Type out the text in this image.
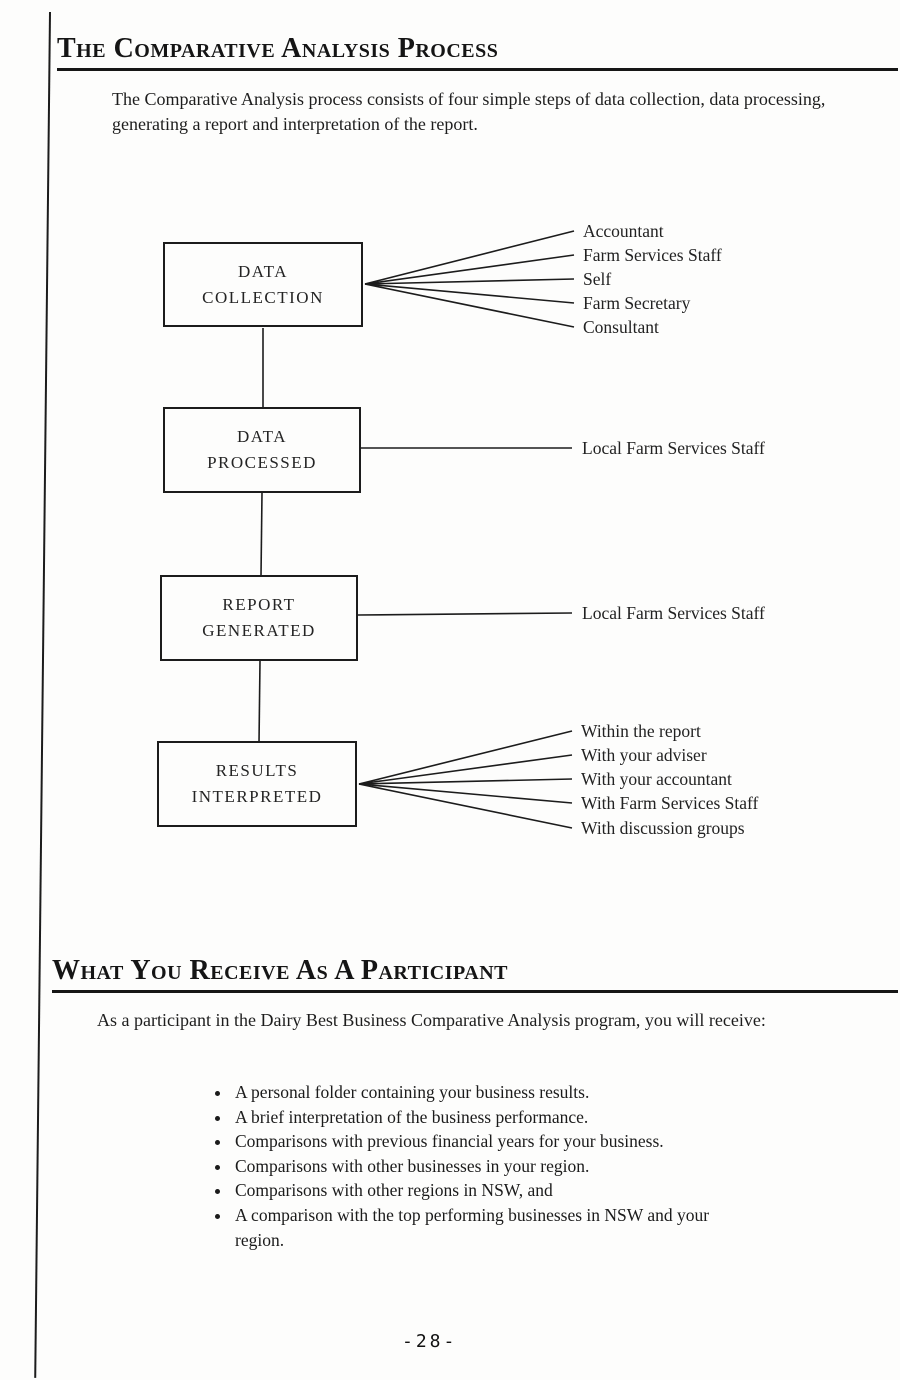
The Comparative Analysis Process
The Comparative Analysis process consists of four simple steps of data collection, data processing, generating a report and interpretation of the report.
DATA COLLECTION
DATA PROCESSED
REPORT GENERATED
RESULTS INTERPRETED
Accountant
Farm Services Staff
Self
Farm Secretary
Consultant
Local Farm Services Staff
Local Farm Services Staff
Within the report
With your adviser
With your accountant
With Farm Services Staff
With discussion groups
What You Receive As A Participant
As a participant in the Dairy Best Business Comparative Analysis program, you will receive:
• A personal folder containing your business results.
• A brief interpretation of the business performance.
• Comparisons with previous financial years for your business.
• Comparisons with other businesses in your region.
• Comparisons with other regions in NSW, and
• A comparison with the top performing businesses in NSW and your region.
-28-
